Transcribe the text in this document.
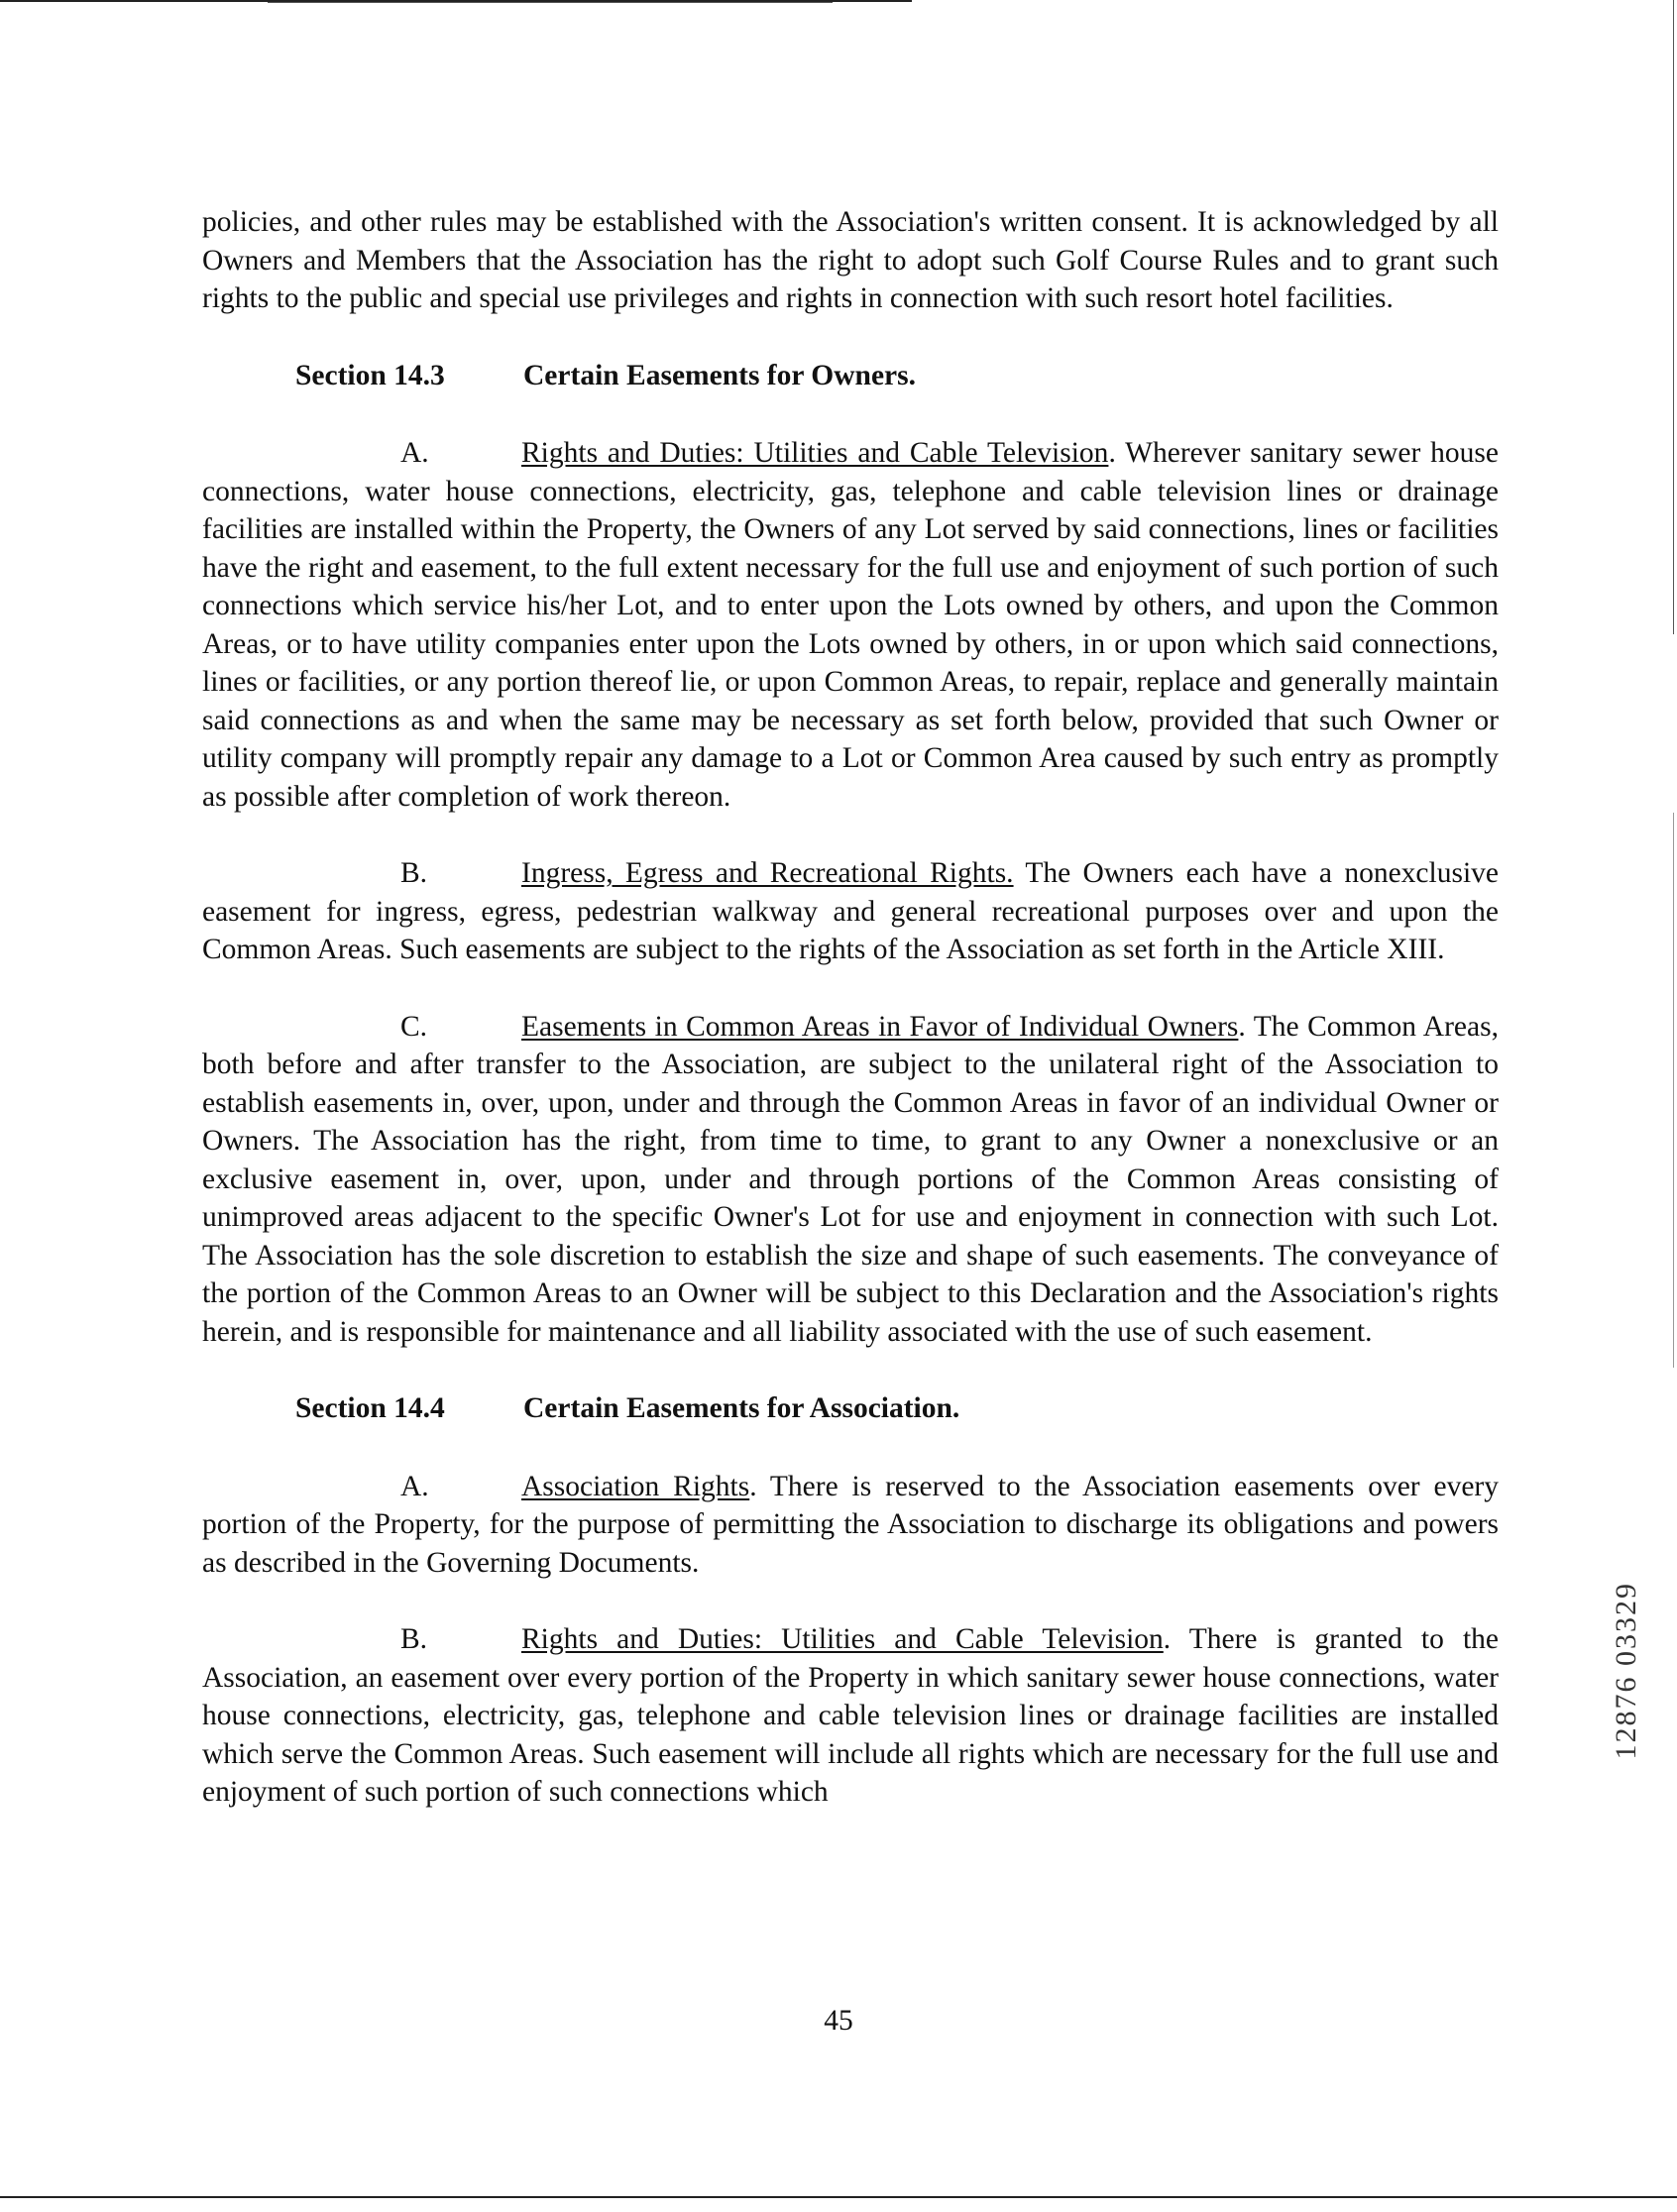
policies, and other rules may be established with the Association's written consent. It is acknowledged by all Owners and Members that the Association has the right to adopt such Golf Course Rules and to grant such rights to the public and special use privileges and rights in connection with such resort hotel facilities.

Section 14.3	Certain Easements for Owners.

A.	Rights and Duties: Utilities and Cable Television. Wherever sanitary sewer house connections, water house connections, electricity, gas, telephone and cable television lines or drainage facilities are installed within the Property, the Owners of any Lot served by said connections, lines or facilities have the right and easement, to the full extent necessary for the full use and enjoyment of such portion of such connections which service his/her Lot, and to enter upon the Lots owned by others, and upon the Common Areas, or to have utility companies enter upon the Lots owned by others, in or upon which said connections, lines or facilities, or any portion thereof lie, or upon Common Areas, to repair, replace and generally maintain said connections as and when the same may be necessary as set forth below, provided that such Owner or utility company will promptly repair any damage to a Lot or Common Area caused by such entry as promptly as possible after completion of work thereon.

B.	Ingress, Egress and Recreational Rights. The Owners each have a nonexclusive easement for ingress, egress, pedestrian walkway and general recreational purposes over and upon the Common Areas. Such easements are subject to the rights of the Association as set forth in the Article XIII.

C.	Easements in Common Areas in Favor of Individual Owners. The Common Areas, both before and after transfer to the Association, are subject to the unilateral right of the Association to establish easements in, over, upon, under and through the Common Areas in favor of an individual Owner or Owners. The Association has the right, from time to time, to grant to any Owner a nonexclusive or an exclusive easement in, over, upon, under and through portions of the Common Areas consisting of unimproved areas adjacent to the specific Owner's Lot for use and enjoyment in connection with such Lot. The Association has the sole discretion to establish the size and shape of such easements. The conveyance of the portion of the Common Areas to an Owner will be subject to this Declaration and the Association's rights herein, and is responsible for maintenance and all liability associated with the use of such easement.

Section 14.4	Certain Easements for Association.

A.	Association Rights. There is reserved to the Association easements over every portion of the Property, for the purpose of permitting the Association to discharge its obligations and powers as described in the Governing Documents.

B.	Rights and Duties: Utilities and Cable Television. There is granted to the Association, an easement over every portion of the Property in which sanitary sewer house connections, water house connections, electricity, gas, telephone and cable television lines or drainage facilities are installed which serve the Common Areas. Such easement will include all rights which are necessary for the full use and enjoyment of such portion of such connections which

45
12876 03329
